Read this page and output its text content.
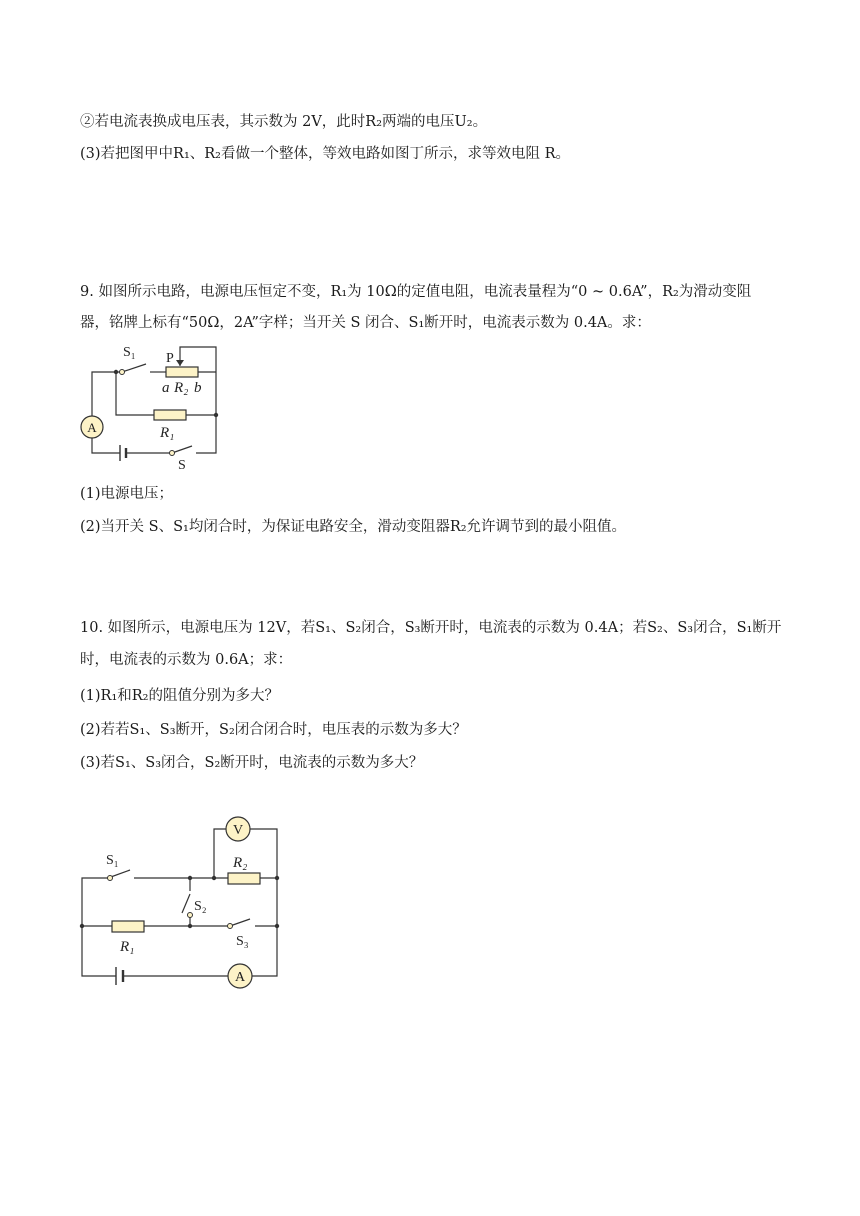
②若电流表换成电压表，其示数为 2V，此时R₂两端的电压U₂。
(3)若把图甲中R₁、R₂看做一个整体，等效电路如图丁所示，求等效电阻 R。
9. 如图所示电路，电源电压恒定不变，R₁为 10Ω的定值电阻，电流表量程为“0 ~ 0.6A”，R₂为滑动变阻
器，铭牌上标有“50Ω，2A”字样；当开关 S 闭合、S₁断开时，电流表示数为 0.4A。求：
A
S₁ P
a R₂ b
R₁
S
(1)电源电压；
(2)当开关 S、S₁均闭合时，为保证电路安全，滑动变阻器R₂允许调节到的最小阻值。
10. 如图所示，电源电压为 12V，若S₁、S₂闭合，S₃断开时，电流表的示数为 0.4A；若S₂、S₃闭合，S₁断开
时，电流表的示数为 0.6A；求：
(1)R₁和R₂的阻值分别为多大？
(2)若若S₁、S₃断开，S₂闭合闭合时，电压表的示数为多大？
(3)若S₁、S₃闭合，S₂断开时，电流表的示数为多大？
V
A
S₁	R₂
S₂
R₁	S₃
